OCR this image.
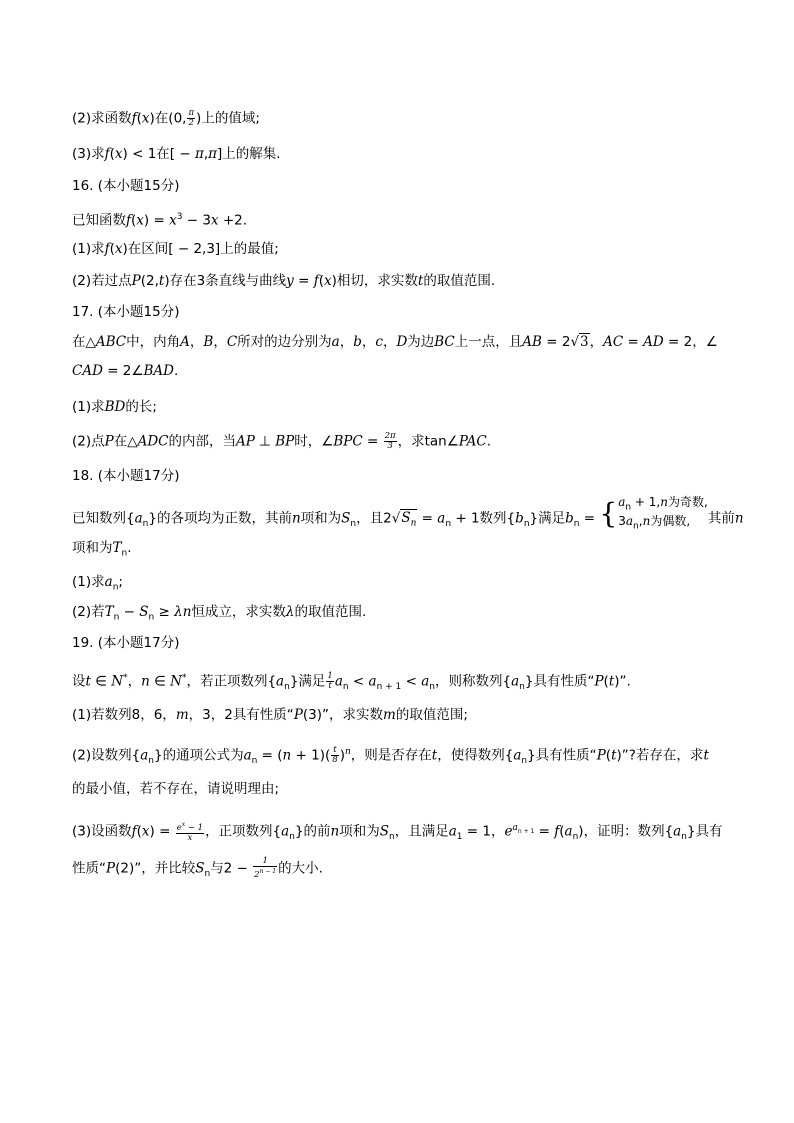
(2)求函数f(x)在(0, $\frac{\pi}{2}$ )上的值域;
(3)求f(x) < 1在[ − π,π]上的解集.
16. (本小题15分)
已知函数$f(x) = x^3 - 3x +2$.
(1)求f(x)在区间[ − 2,3]上的最值;
(2)若过点P(2,t)存在3条直线与曲线y = f(x)相切，求实数t的取值范围.
17. (本小题15分)
在△ABC中，内角A，B，C所对的边分别为a，b，c，D为边BC上一点，且AB = 2√3，AC = AD = 2，∠
CAD = 2∠BAD.
(1)求BD的长;
(2)点P在△ADC的内部，当AP ⊥ BP时，∠BPC = $\frac{2\pi}{3}$ ，求tan∠PAC.
18. (本小题17分)
已知数列$\{a_n\}$的各项均为正数，其前n项和为$S_n$，且$2√S_n = a_n + 1$数列$\{b_n\}$满足$b_n$ = { $a_n + 1,n$为奇数,
$3a_n,n$为偶数,	其前n
项和为$T_n$.
(1)求$a_n$;
(2)若$T_n - S_n \ge \lambda n$恒成立，求实数λ的取值范围.
19. (本小题17分)
设t ∈ N*，n ∈ N*，若正项数列$\{a_n\}$满足 $\frac{1}{t} a_n < a_{n + 1} < a_n$，则称数列$\{a_n\}$具有性质“P(t)”.
(1)若数列8，6，m，3，2具有性质“P(3)”，求实数m的取值范围;
(2)设数列$\{a_n\}$的通项公式为$a_n = (n + 1)( \frac{t}{8} )^n$，则是否存在t，使得数列$\{a_n\}$具有性质“P(t)”?若存在，求t
的最小值，若不存在，请说明理由;
(3)设函数$f(x) = \frac{e^x - 1}{x}$ ，正项数列$\{a_n\}$的前n项和为$S_n$，且满足$a_1 = 1$，$e^{a_{n + 1}} = f(a_n)$，证明：数列$\{a_n\}$具有
性质“P(2)”，并比较$S_n$与$2 - \frac{1}{2^{n - 1}}$ 的大小.
